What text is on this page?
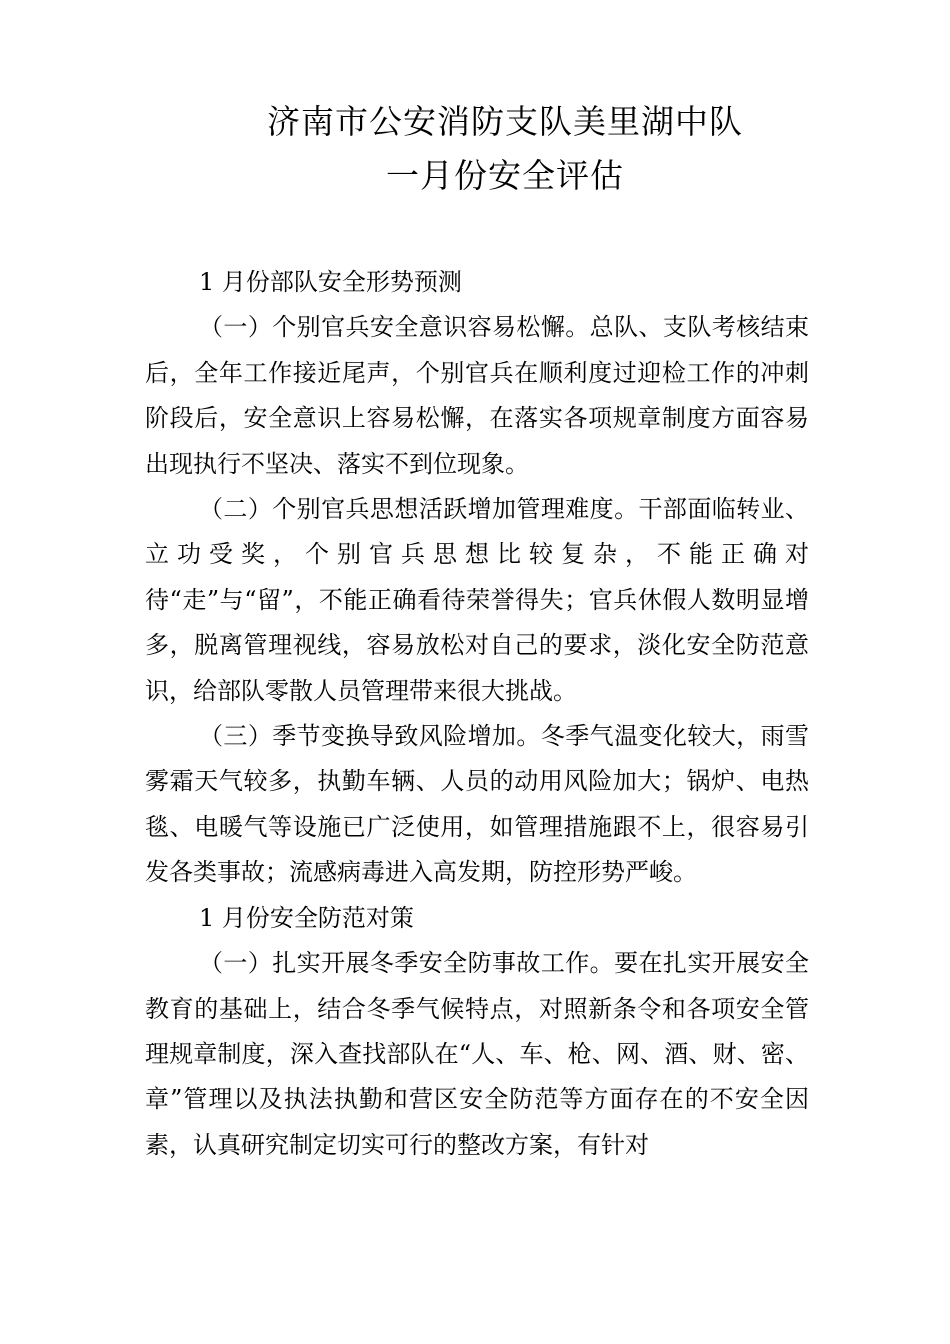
济南市公安消防支队美里湖中队
一月份安全评估

1 月份部队安全形势预测

（一）个别官兵安全意识容易松懈。总队、支队考核结束后，全年工作接近尾声，个别官兵在顺利度过迎检工作的冲刺阶段后，安全意识上容易松懈，在落实各项规章制度方面容易出现执行不坚决、落实不到位现象。

（二）个别官兵思想活跃增加管理难度。干部面临转业、立功受奖，个别官兵思想比较复杂，不能正确对待“走”与“留”，不能正确看待荣誉得失；官兵休假人数明显增多，脱离管理视线，容易放松对自己的要求，淡化安全防范意识，给部队零散人员管理带来很大挑战。

（三）季节变换导致风险增加。冬季气温变化较大，雨雪雾霜天气较多，执勤车辆、人员的动用风险加大；锅炉、电热毯、电暖气等设施已广泛使用，如管理措施跟不上，很容易引发各类事故；流感病毒进入高发期，防控形势严峻。

1 月份安全防范对策

（一）扎实开展冬季安全防事故工作。要在扎实开展安全教育的基础上，结合冬季气候特点，对照新条令和各项安全管理规章制度，深入查找部队在“人、车、枪、网、酒、财、密、章”管理以及执法执勤和营区安全防范等方面存在的不安全因素，认真研究制定切实可行的整改方案，有针对
